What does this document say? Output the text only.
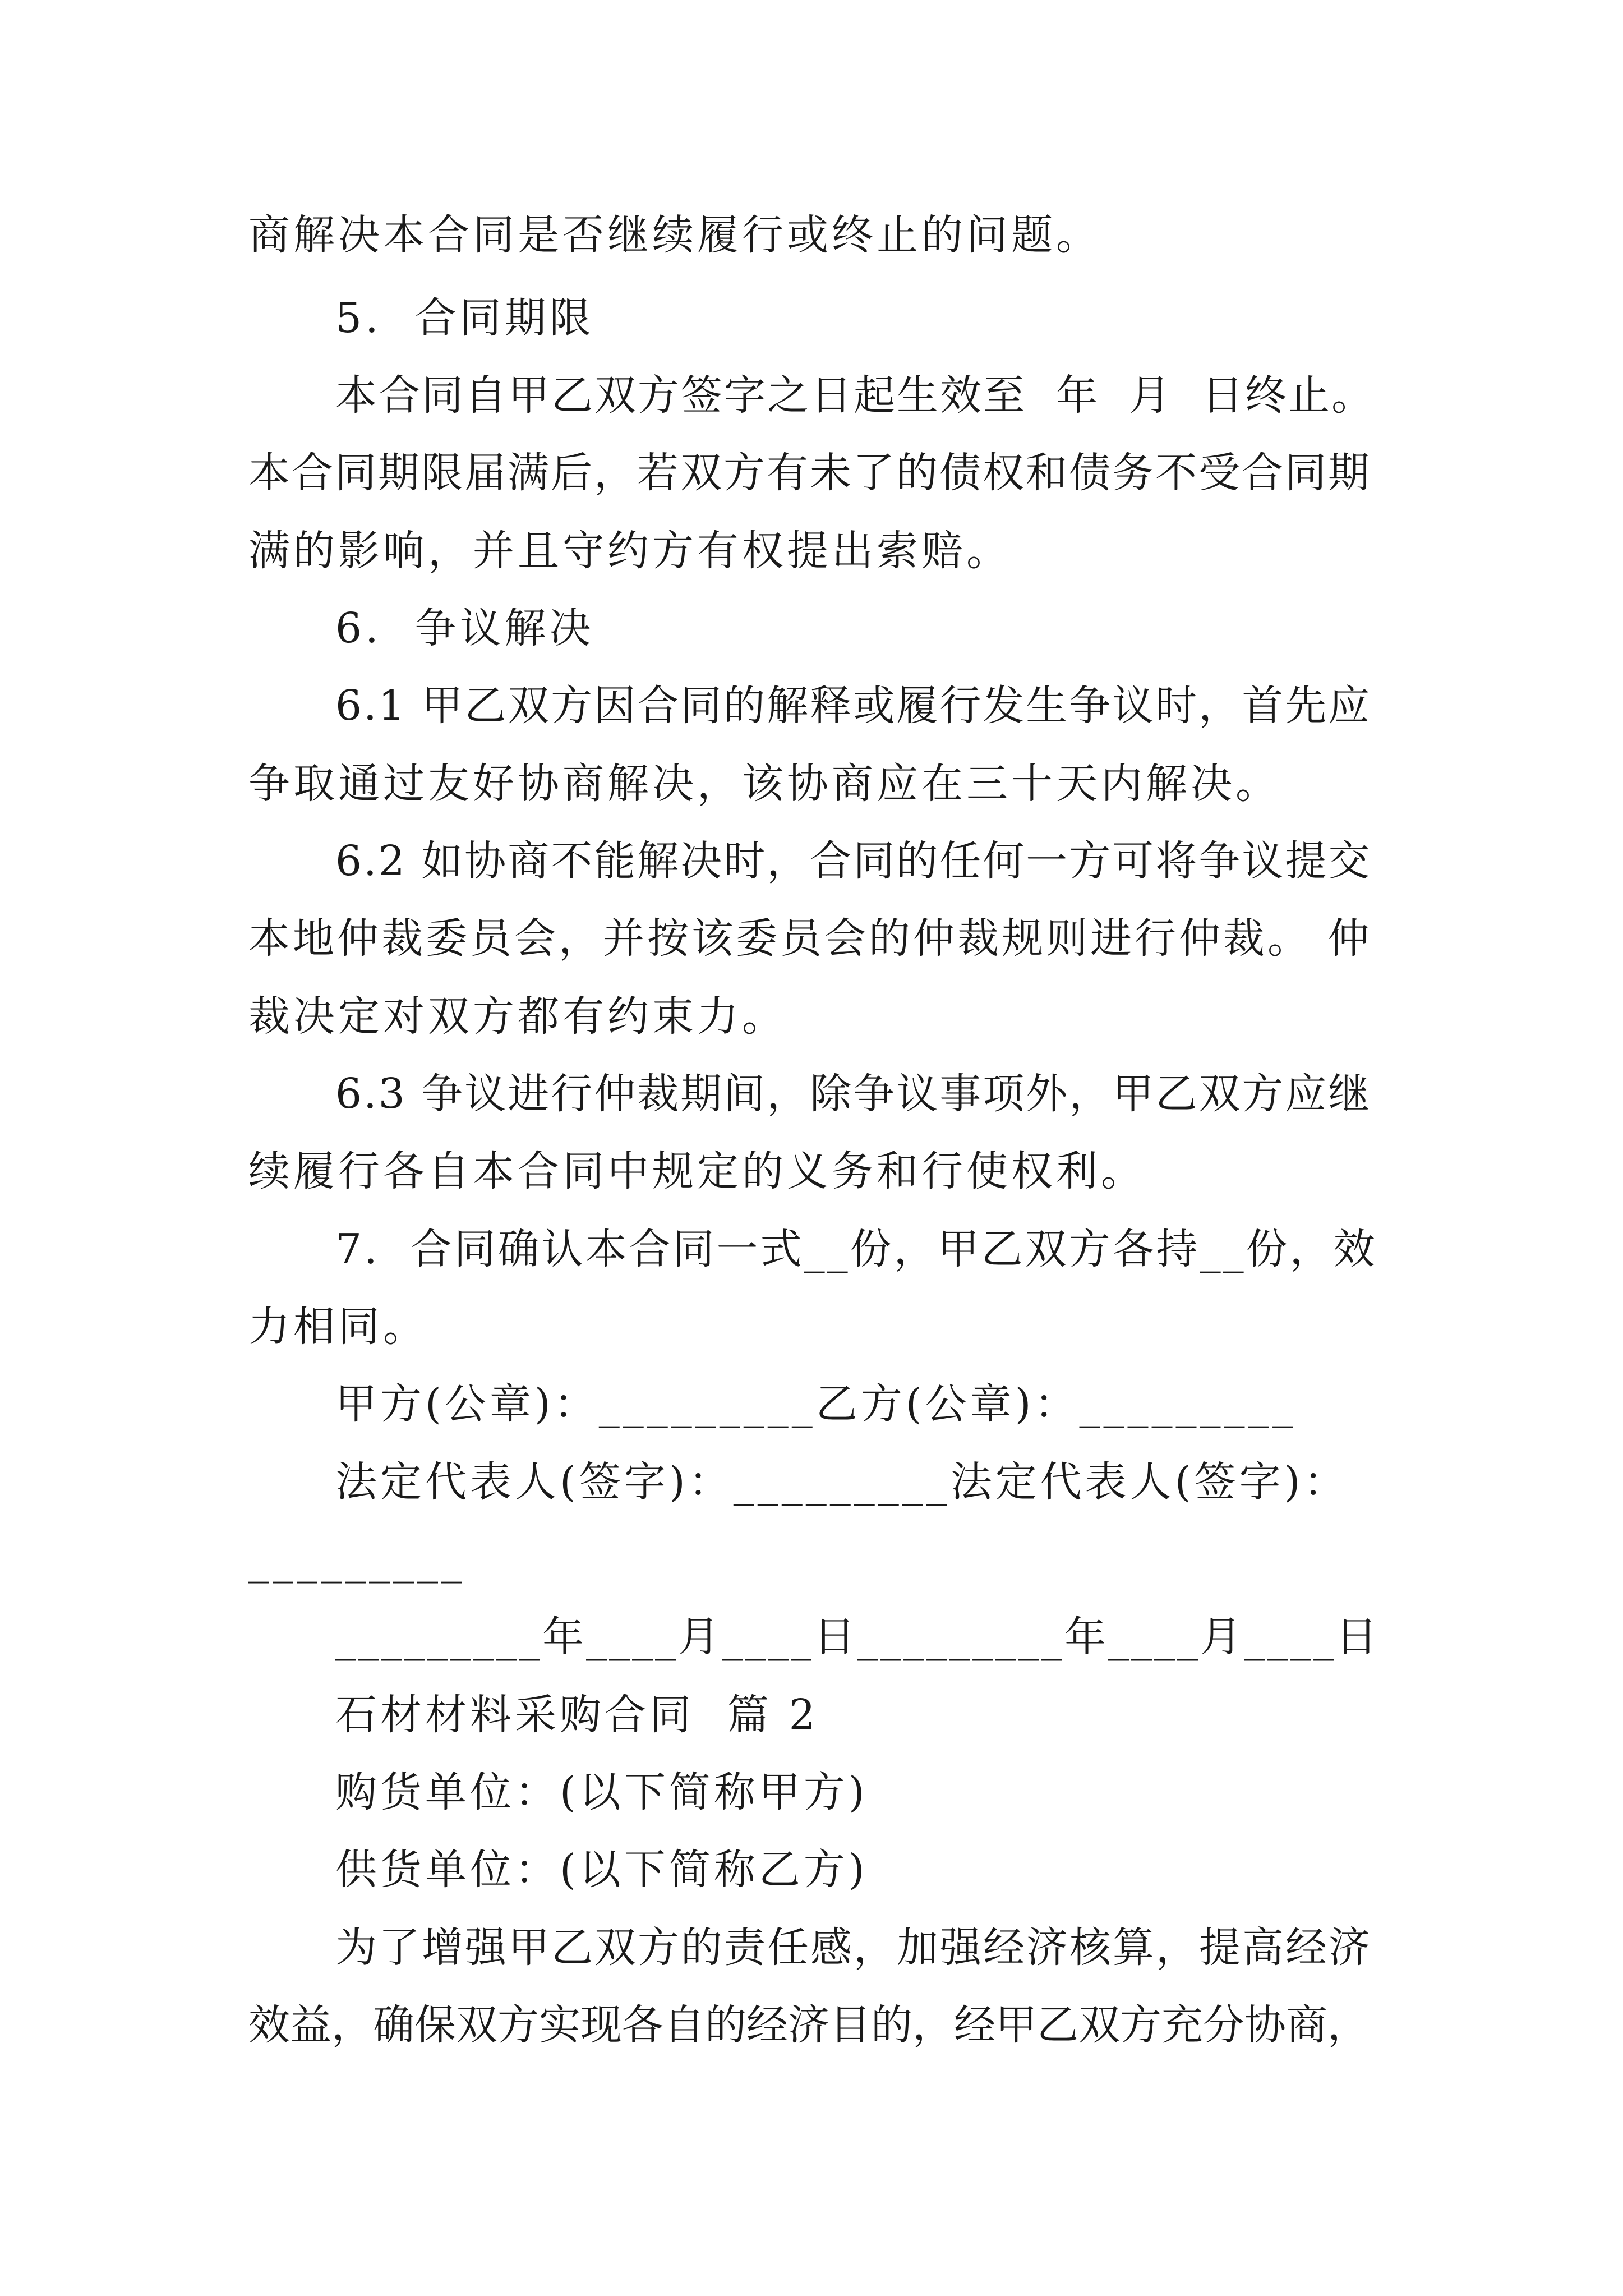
商解决本合同是否继续履行或终止的问题。
5.  合同期限
本合同自甲乙双方签字之日起生效至  年  月  日终止。
本合同期限届满后，若双方有未了的债权和债务不受合同期
满的影响，并且守约方有权提出索赔。
6.  争议解决
6.1 甲乙双方因合同的解释或履行发生争议时，首先应
争取通过友好协商解决，该协商应在三十天内解决。
6.2 如协商不能解决时，合同的任何一方可将争议提交
本地仲裁委员会，并按该委员会的仲裁规则进行仲裁。 仲
裁决定对双方都有约束力。
6.3 争议进行仲裁期间，除争议事项外，甲乙双方应继
续履行各自本合同中规定的义务和行使权利。
7.  合同确认本合同一式__份，甲乙双方各持__份，效
力相同。
甲方(公章)：_________乙方(公章)：_________
法定代表人(签字)：_________法定代表人(签字)：
_________
_________年____月____日_________年____月____日
石材材料采购合同  篇 2
购货单位：(以下简称甲方)
供货单位：(以下简称乙方)
为了增强甲乙双方的责任感，加强经济核算，提高经济
效益，确保双方实现各自的经济目的，经甲乙双方充分协商，
